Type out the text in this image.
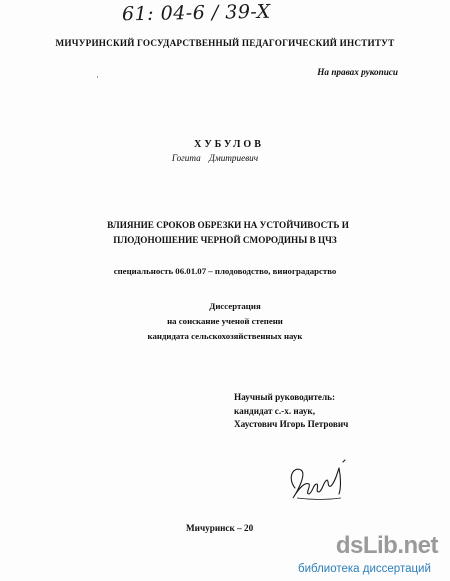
61: 04-6 / 39-X
МИЧУРИНСКИЙ ГОСУДАРСТВЕННЫЙ ПЕДАГОГИЧЕСКИЙ ИНСТИТУТ
·	На правах рукописи
ХУБУЛОВ
Гогита Дмитриевич
ВЛИЯНИЕ СРОКОВ ОБРЕЗКИ НА УСТОЙЧИВОСТЬ И
ПЛОДОНОШЕНИЕ ЧЕРНОЙ СМОРОДИНЫ В ЦЧЗ
специальность 06.01.07 – плодоводство, виноградарство
Диссертация
на соискание ученой степени
кандидата сельскохозяйственных наук
Научный руководитель:
кандидат с.-х. наук,
Хаустович Игорь Петрович
Мичуринск – 20
dsLib.net
библиотека диссертаций
